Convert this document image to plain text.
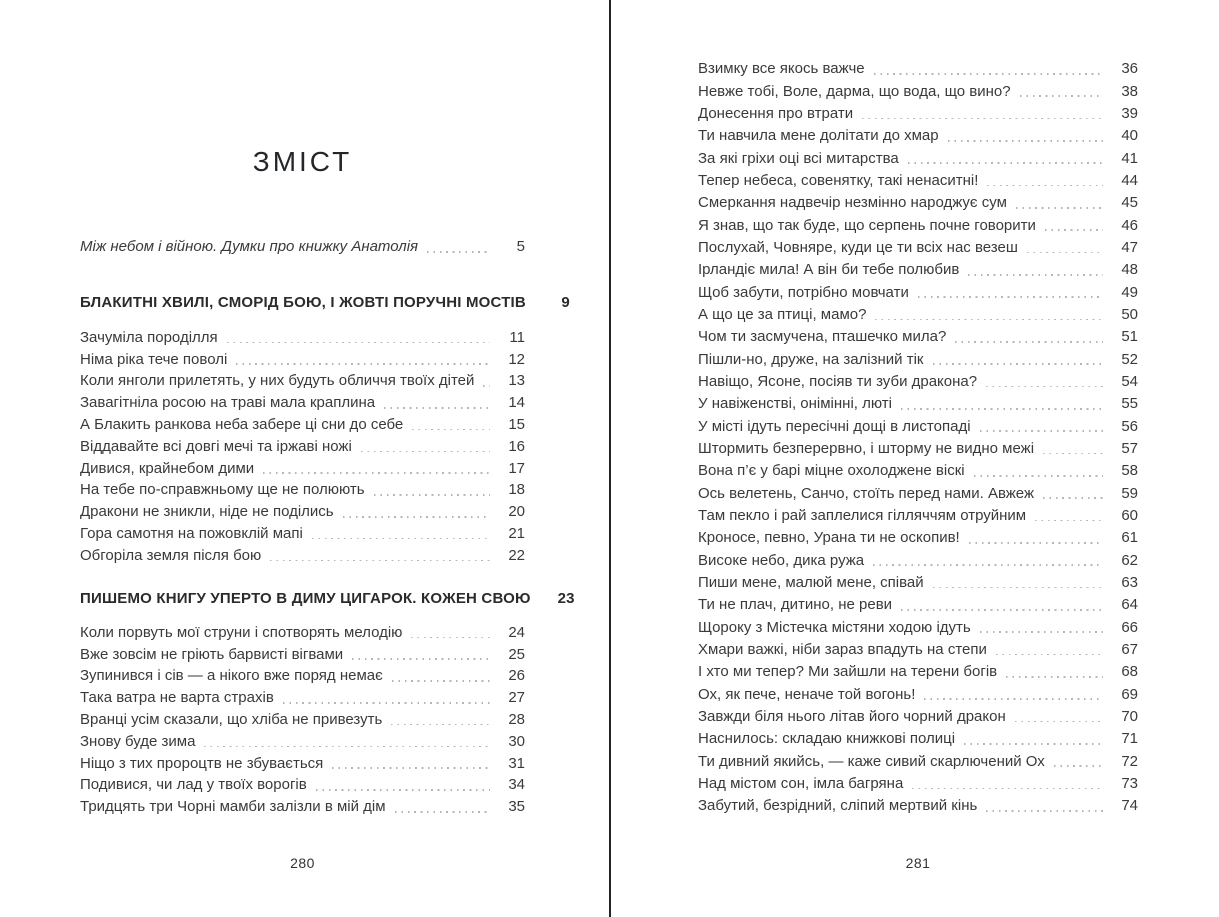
ЗМІСТ
Між небом і війною. Думки про книжку Анатолія	5
БЛАКИТНІ ХВИЛІ, СМОРІД БОЮ, І ЖОВТІ ПОРУЧНІ МОСТІВ	9
Зачуміла породілля	11
Німа ріка тече поволі	12
Коли янголи прилетять, у них будуть обличчя твоїх дітей	13
Завагітніла росою на траві мала краплина	14
А Блакить ранкова неба забере ці сни до себе	15
Віддавайте всі довгі мечі та іржаві ножі	16
Дивися, крайнебом дими	17
На тебе по-справжньому ще не полюють	18
Дракони не зникли, ніде не поділись	20
Гора самотня на пожовклій мапі	21
Обгоріла земля після бою	22
ПИШЕМО КНИГУ УПЕРТО В ДИМУ ЦИГАРОК. КОЖЕН СВОЮ	23
Коли порвуть мої струни і спотворять мелодію	24
Вже зовсім не гріють барвисті вігвами	25
Зупинився і сів — а нікого вже поряд немає	26
Така ватра не варта страхів	27
Вранці усім сказали, що хліба не привезуть	28
Знову буде зима	30
Ніщо з тих пророцтв не збувається	31
Подивися, чи лад у твоїх ворогів	34
Тридцять три Чорні мамби залізли в мій дім	35
280
Взимку все якось важче	36
Невже тобі, Воле, дарма, що вода, що вино?	38
Донесення про втрати	39
Ти навчила мене долітати до хмар	40
За які гріхи оці всі митарства	41
Тепер небеса, совенятку, такі ненаситні!	44
Смеркання надвечір незмінно народжує сум	45
Я знав, що так буде, що серпень почне говорити	46
Послухай, Човняре, куди це ти всіх нас везеш	47
Ірландіє мила! А він би тебе полюбив	48
Щоб забути, потрібно мовчати	49
А що це за птиці, мамо?	50
Чом ти засмучена, пташечко мила?	51
Пішли-но, друже, на залізний тік	52
Навіщо, Ясоне, посіяв ти зуби дракона?	54
У навіженстві, онімінні, люті	55
У місті ідуть пересічні дощі в листопаді	56
Штормить безперервно, і шторму не видно межі	57
Вона п’є у барі міцне охолоджене віскі	58
Ось велетень, Санчо, стоїть перед нами. Авжеж	59
Там пекло і рай заплелися гілляччям отруйним	60
Кроносе, певно, Урана ти не оскопив!	61
Високе небо, дика ружа	62
Пиши мене, малюй мене, співай	63
Ти не плач, дитино, не реви	64
Щороку з Містечка містяни ходою ідуть	66
Хмари важкі, ніби зараз впадуть на степи	67
І хто ми тепер? Ми зайшли на терени богів	68
Ох, як пече, неначе той вогонь!	69
Завжди біля нього літав його чорний дракон	70
Наснилось: складаю книжкові полиці	71
Ти дивний якийсь, — каже сивий скарлючений Ох	72
Над містом сон, імла багряна	73
Забутий, безрідний, сліпий мертвий кінь	74
281
